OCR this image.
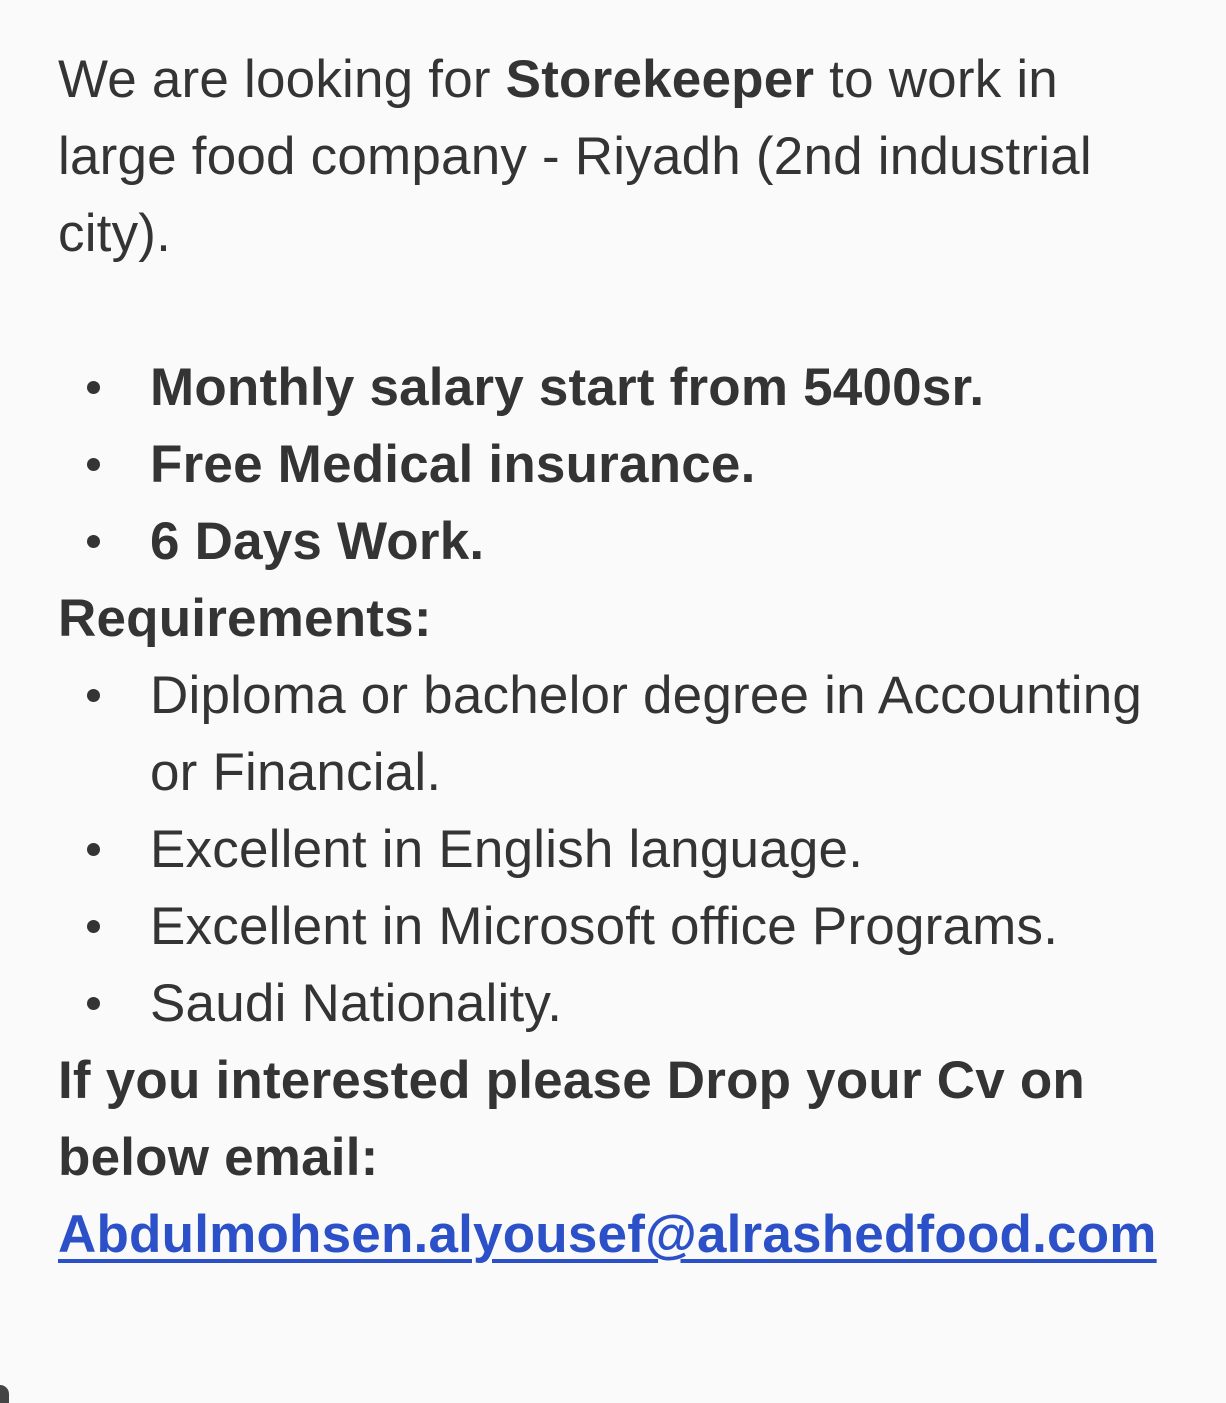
We are looking for Storekeeper to work in
large food company - Riyadh (2nd industrial
city).

Monthly salary start from 5400sr.
Free Medical insurance.
6 Days Work.
Requirements:
Diploma or bachelor degree in Accounting
or Financial.
Excellent in English language.
Excellent in Microsoft office Programs.
Saudi Nationality.

If you interested please Drop your Cv on
below email:

Abdulmohsen.alyousef@alrashedfood.com
